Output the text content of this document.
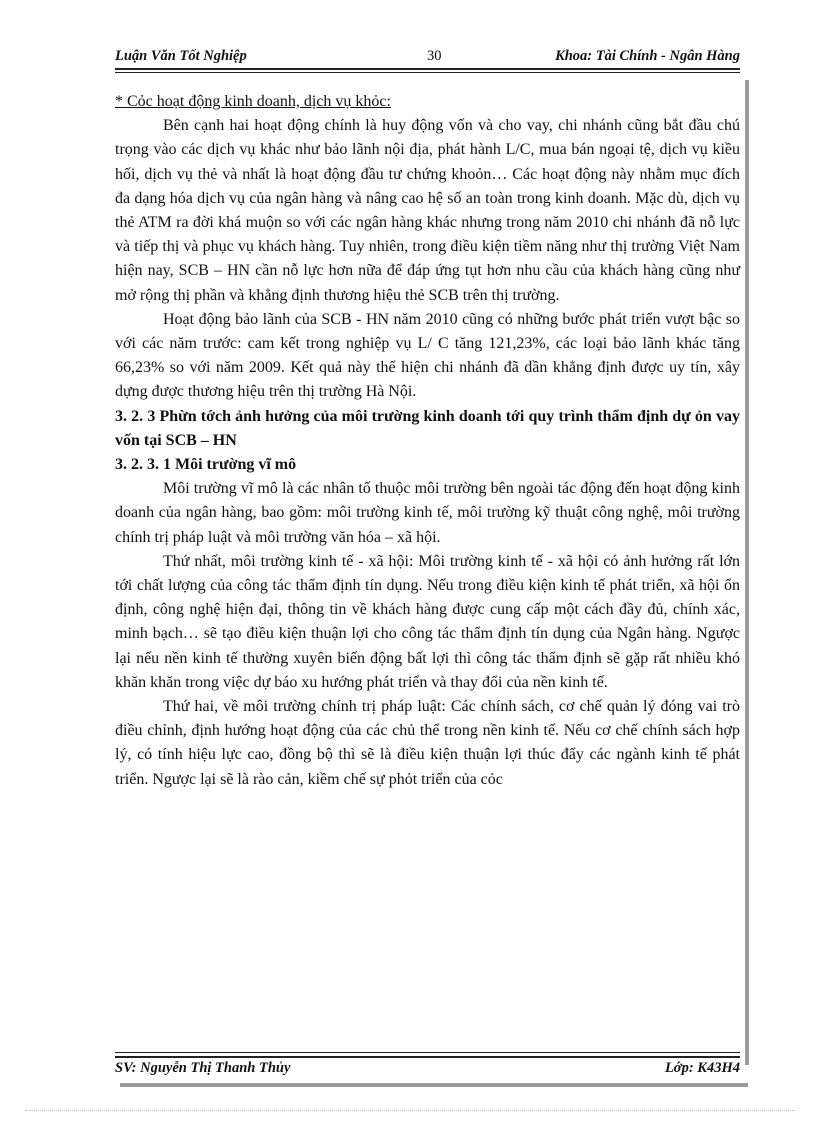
Luận Văn Tốt Nghiệp	30	Khoa: Tài Chính - Ngân Hàng

* Cỏc hoạt động kinh doanh, dịch vụ khỏc:

Bên cạnh hai hoạt động chính là huy động vốn và cho vay, chi nhánh cũng bắt đầu chú trọng vào các dịch vụ khác như bảo lãnh nội địa, phát hành L/C, mua bán ngoại tệ, dịch vụ kiều hối, dịch vụ thẻ và nhất là hoạt động đầu tư chứng khoỏn… Các hoạt động này nhằm mục đích đa dạng hóa dịch vụ của ngân hàng và nâng cao hệ số an toàn trong kinh doanh. Mặc dù, dịch vụ thẻ ATM ra đời khá muộn so với các ngân hàng khác nhưng trong năm 2010 chi nhánh đã nỗ lực và tiếp thị và phục vụ khách hàng. Tuy nhiên, trong điều kiện tiềm năng như thị trường Việt Nam hiện nay, SCB – HN cần nỗ lực hơn nữa để đáp ứng tụt hơn nhu cầu của khách hàng cũng như mở rộng thị phần và khẳng định thương hiệu thẻ SCB trên thị trường.

Hoạt động bảo lãnh của SCB - HN năm 2010 cũng có những bước phát triển vượt bậc so với các năm trước: cam kết trong nghiệp vụ L/ C tăng 121,23%, các loại bảo lãnh khác tăng 66,23% so với năm 2009. Kết quả này thể hiện chi nhánh đã dần khẳng định được uy tín, xây dựng được thương hiệu trên thị trường Hà Nội.

3. 2. 3 Phừn tớch ảnh hưởng của môi trường kinh doanh tới quy trình thẩm định dự ỏn vay vốn tại SCB – HN

3. 2. 3. 1 Môi trường vĩ mô

Môi trường vĩ mô là các nhân tố thuộc môi trường bên ngoài tác động đến hoạt động kinh doanh của ngân hàng, bao gồm: môi trường kinh tế, môi trường kỹ thuật công nghệ, môi trường chính trị pháp luật và môi trường văn hóa – xã hội.

Thứ nhất, môi trường kinh tế - xã hội: Môi trường kinh tế - xã hội có ảnh hưởng rất lớn tới chất lượng của công tác thẩm định tín dụng. Nếu trong điều kiện kinh tế phát triển, xã hội ổn định, công nghệ hiện đại, thông tin về khách hàng được cung cấp một cách đầy đủ, chính xác, minh bạch… sẽ tạo điều kiện thuận lợi cho công tác thẩm định tín dụng của Ngân hàng. Ngược lại nếu nền kinh tế thường xuyên biến động bất lợi thì công tác thẩm định sẽ gặp rất nhiều khó khăn khăn trong việc dự báo xu hướng phát triển và thay đổi của nền kinh tế.

Thứ hai, về môi trường chính trị pháp luật: Các chính sách, cơ chế quản lý đóng vai trò điều chỉnh, định hướng hoạt động của các chủ thể trong nền kinh tế. Nếu cơ chế chính sách hợp lý, có tính hiệu lực cao, đồng bộ thì sẽ là điều kiện thuận lợi thúc đẩy các ngành kinh tế phát triển. Ngược lại sẽ là rào cản, kiềm chế sự phỏt triển của cỏc

SV: Nguyễn Thị Thanh Thủy	Lớp: K43H4
